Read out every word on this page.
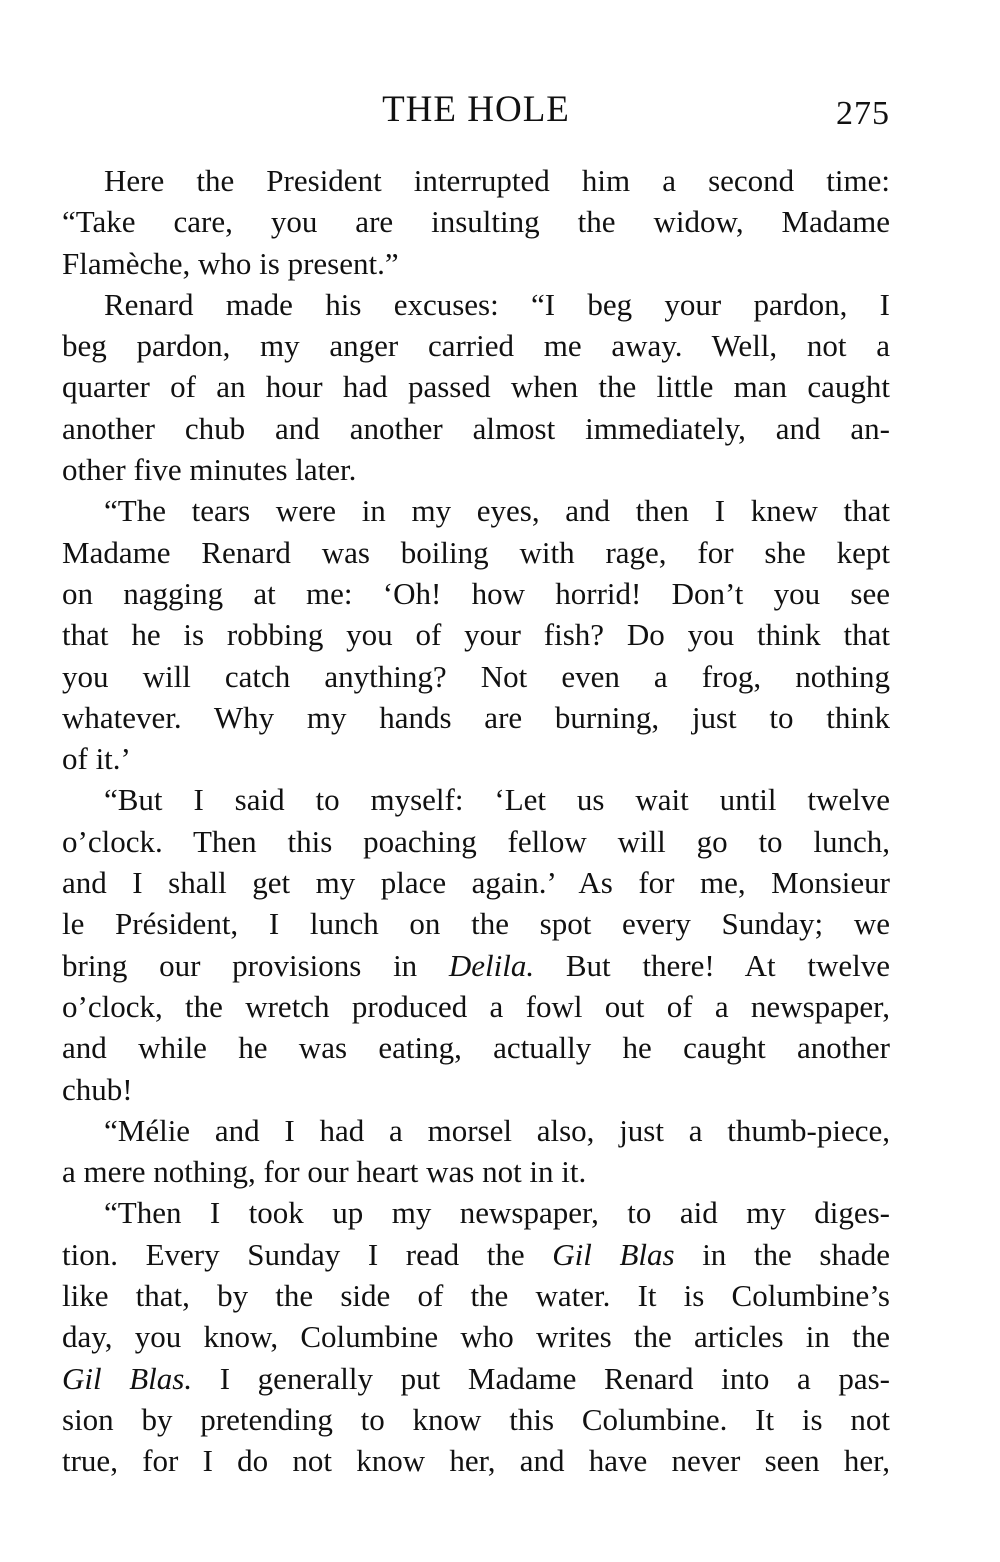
THE HOLE	275
Here the President interrupted him a second time:
“Take care, you are insulting the widow, Madame
Flamèche, who is present.”
Renard made his excuses: “I beg your pardon, I
beg pardon, my anger carried me away. Well, not a
quarter of an hour had passed when the little man caught
another chub and another almost immediately, and an-
other five minutes later.
“The tears were in my eyes, and then I knew that
Madame Renard was boiling with rage, for she kept
on nagging at me: ‘Oh! how horrid! Don’t you see
that he is robbing you of your fish? Do you think that
you will catch anything? Not even a frog, nothing
whatever. Why my hands are burning, just to think
of it.’
“But I said to myself: ‘Let us wait until twelve
o’clock. Then this poaching fellow will go to lunch,
and I shall get my place again.’ As for me, Monsieur
le Président, I lunch on the spot every Sunday; we
bring our provisions in Delila. But there! At twelve
o’clock, the wretch produced a fowl out of a newspaper,
and while he was eating, actually he caught another
chub!
“Mélie and I had a morsel also, just a thumb-piece,
a mere nothing, for our heart was not in it.
“Then I took up my newspaper, to aid my diges-
tion. Every Sunday I read the Gil Blas in the shade
like that, by the side of the water. It is Columbine’s
day, you know, Columbine who writes the articles in the
Gil Blas. I generally put Madame Renard into a pas-
sion by pretending to know this Columbine. It is not
true, for I do not know her, and have never seen her,
